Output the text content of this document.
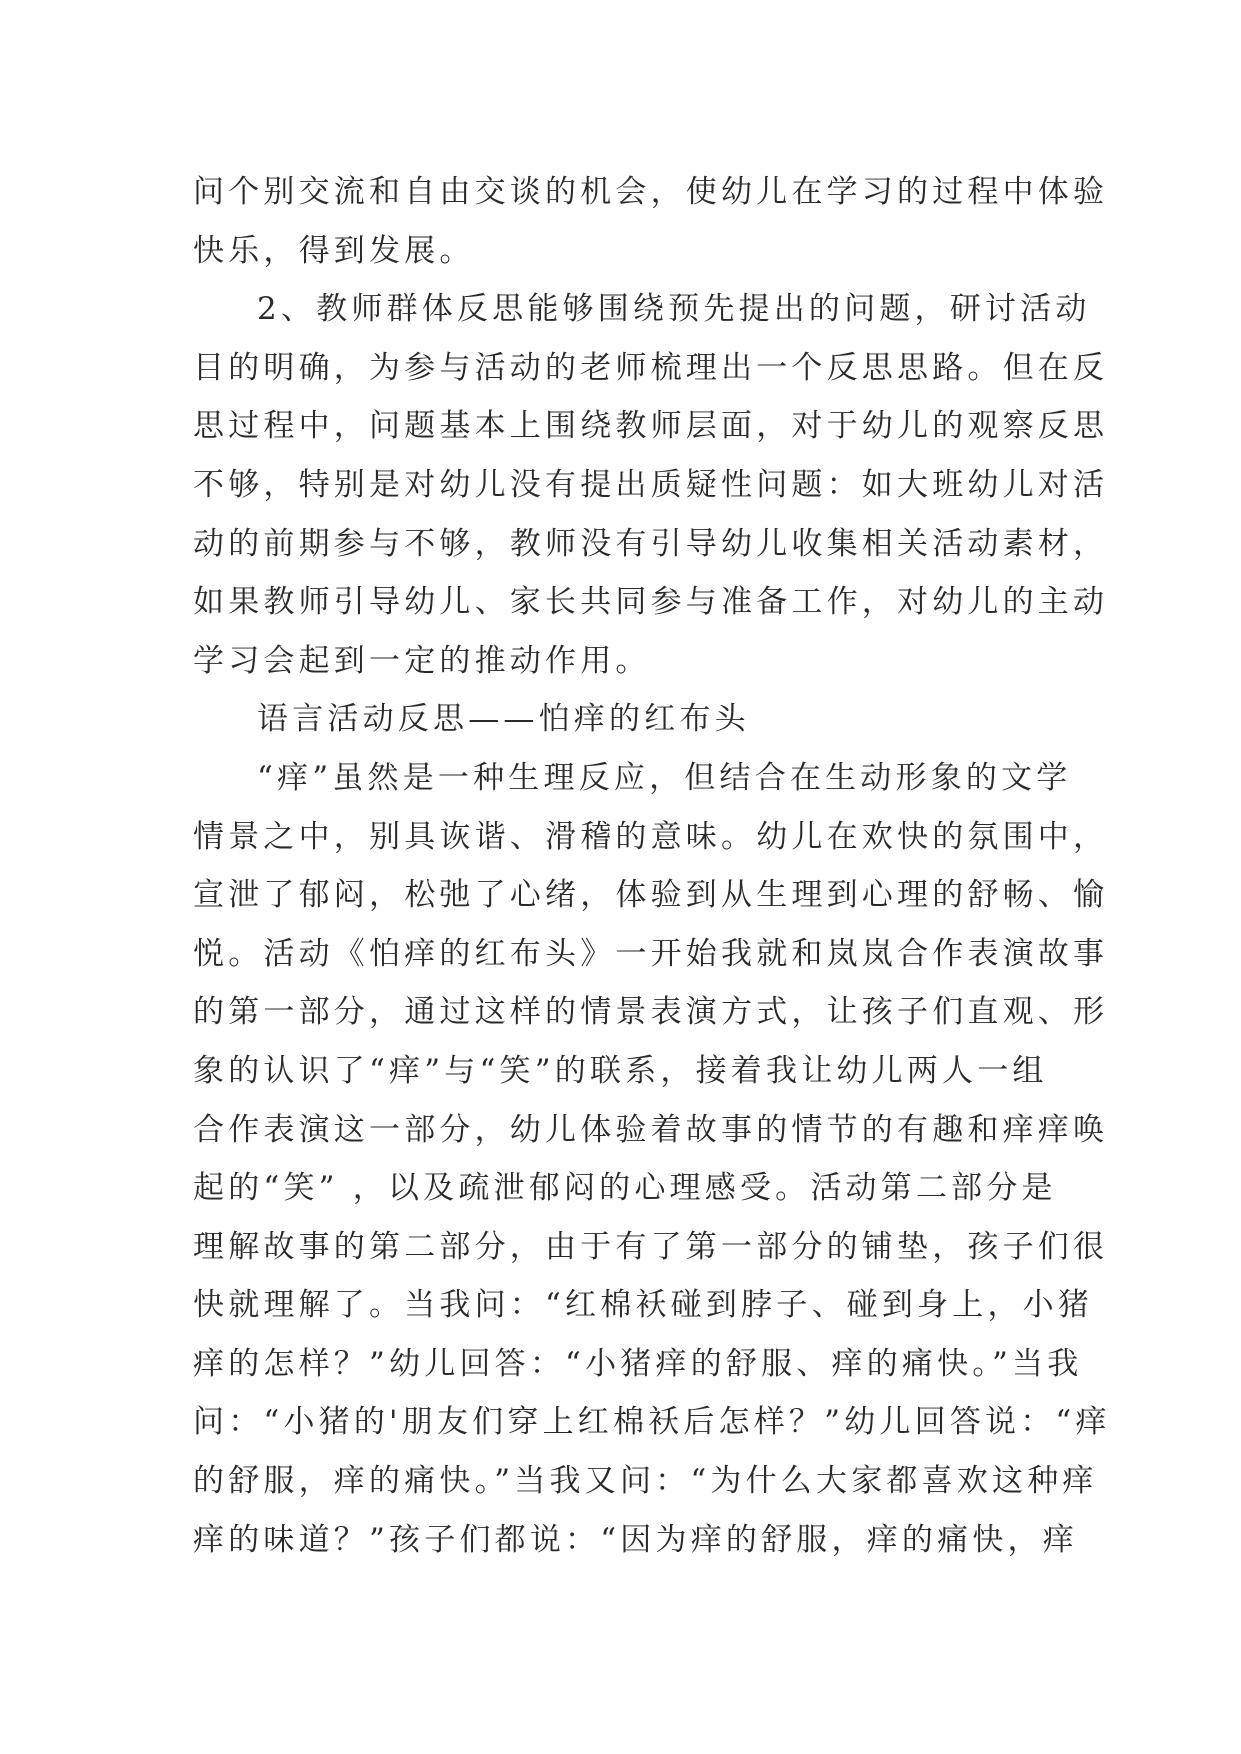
问个别交流和自由交谈的机会，使幼儿在学习的过程中体验
快乐，得到发展。
2、教师群体反思能够围绕预先提出的问题，研讨活动
目的明确，为参与活动的老师梳理出一个反思思路。但在反
思过程中，问题基本上围绕教师层面，对于幼儿的观察反思
不够，特别是对幼儿没有提出质疑性问题：如大班幼儿对活
动的前期参与不够，教师没有引导幼儿收集相关活动素材，
如果教师引导幼儿、家长共同参与准备工作，对幼儿的主动
学习会起到一定的推动作用。
语言活动反思——怕痒的红布头
“痒”虽然是一种生理反应，但结合在生动形象的文学
情景之中，别具诙谐、滑稽的意味。幼儿在欢快的氛围中，
宣泄了郁闷，松弛了心绪，体验到从生理到心理的舒畅、愉
悦。活动《怕痒的红布头》一开始我就和岚岚合作表演故事
的第一部分，通过这样的情景表演方式，让孩子们直观、形
象的认识了“痒”与“笑”的联系，接着我让幼儿两人一组
合作表演这一部分，幼儿体验着故事的情节的有趣和痒痒唤
起的“笑” ，以及疏泄郁闷的心理感受。活动第二部分是
理解故事的第二部分，由于有了第一部分的铺垫，孩子们很
快就理解了。当我问：“红棉袄碰到脖子、碰到身上，小猪
痒的怎样？”幼儿回答：“小猪痒的舒服、痒的痛快。”当我
问：“小猪的'朋友们穿上红棉袄后怎样？”幼儿回答说：“痒
的舒服，痒的痛快。”当我又问：“为什么大家都喜欢这种痒
痒的味道？”孩子们都说：“因为痒的舒服，痒的痛快，痒
